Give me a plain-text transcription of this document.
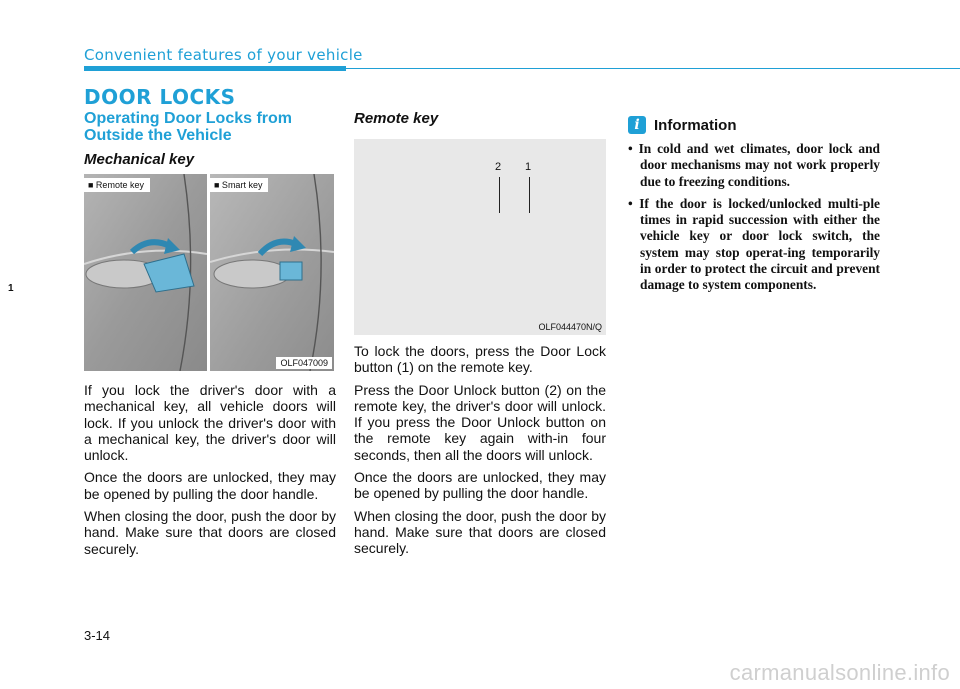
Convenient features of your vehicle
1
DOOR LOCKS
Operating Door Locks from Outside the Vehicle
Mechanical key
■ Remote key	■ Smart key
OLF047009

If you lock the driver's door with a mechanical key, all vehicle doors will lock. If you unlock the driver's door with a mechanical key, the driver's door will unlock.

Once the doors are unlocked, they may be opened by pulling the door handle.

When closing the door, push the door by hand. Make sure that doors are closed securely.

Remote key
2 1
OLF044470N/Q

To lock the doors, press the Door Lock button (1) on the remote key.

Press the Door Unlock button (2) on the remote key, the driver's door will unlock. If you press the Door Unlock button on the remote key again with-in four seconds, then all the doors will unlock.

Once the doors are unlocked, they may be opened by pulling the door handle.

When closing the door, push the door by hand. Make sure that doors are closed securely.

i Information
• In cold and wet climates, door lock and door mechanisms may not work properly due to freezing conditions.
• If the door is locked/unlocked multi-ple times in rapid succession with either the vehicle key or door lock switch, the system may stop operat-ing temporarily in order to protect the circuit and prevent damage to system components.
3-14
carmanualsonline.info
